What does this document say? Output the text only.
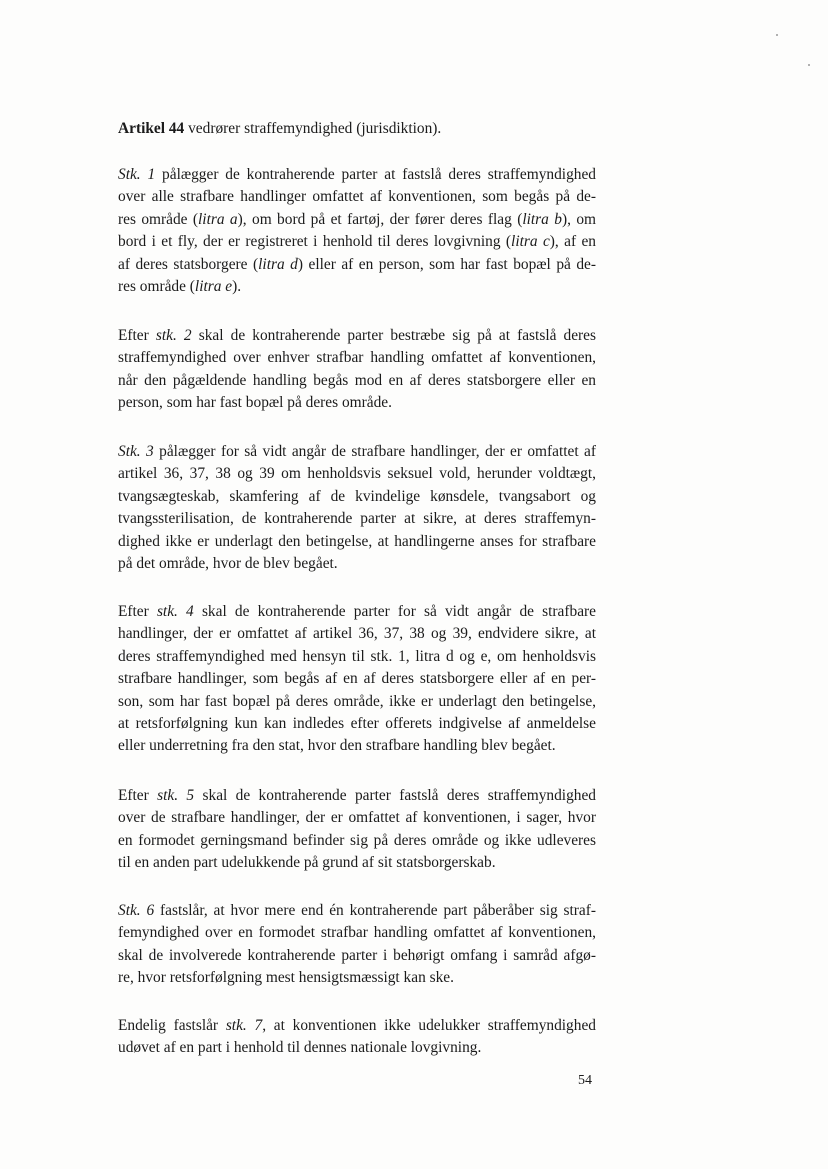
Artikel 44 vedrører straffemyndighed (jurisdiktion).
Stk. 1 pålægger de kontraherende parter at fastslå deres straffemyndighed
over alle strafbare handlinger omfattet af konventionen, som begås på de-
res område (litra a), om bord på et fartøj, der fører deres flag (litra b), om
bord i et fly, der er registreret i henhold til deres lovgivning (litra c), af en
af deres statsborgere (litra d) eller af en person, som har fast bopæl på de-
res område (litra e).
Efter stk. 2 skal de kontraherende parter bestræbe sig på at fastslå deres
straffemyndighed over enhver strafbar handling omfattet af konventionen,
når den pågældende handling begås mod en af deres statsborgere eller en
person, som har fast bopæl på deres område.
Stk. 3 pålægger for så vidt angår de strafbare handlinger, der er omfattet af
artikel 36, 37, 38 og 39 om henholdsvis seksuel vold, herunder voldtægt,
tvangsægteskab, skamfering af de kvindelige kønsdele, tvangsabort og
tvangssterilisation, de kontraherende parter at sikre, at deres straffemyn-
dighed ikke er underlagt den betingelse, at handlingerne anses for strafbare
på det område, hvor de blev begået.
Efter stk. 4 skal de kontraherende parter for så vidt angår de strafbare
handlinger, der er omfattet af artikel 36, 37, 38 og 39, endvidere sikre, at
deres straffemyndighed med hensyn til stk. 1, litra d og e, om henholdsvis
strafbare handlinger, som begås af en af deres statsborgere eller af en per-
son, som har fast bopæl på deres område, ikke er underlagt den betingelse,
at retsforfølgning kun kan indledes efter offerets indgivelse af anmeldelse
eller underretning fra den stat, hvor den strafbare handling blev begået.
Efter stk. 5 skal de kontraherende parter fastslå deres straffemyndighed
over de strafbare handlinger, der er omfattet af konventionen, i sager, hvor
en formodet gerningsmand befinder sig på deres område og ikke udleveres
til en anden part udelukkende på grund af sit statsborgerskab.
Stk. 6 fastslår, at hvor mere end én kontraherende part påberåber sig straf-
femyndighed over en formodet strafbar handling omfattet af konventionen,
skal de involverede kontraherende parter i behørigt omfang i samråd afgø-
re, hvor retsforfølgning mest hensigtsmæssigt kan ske.
Endelig fastslår stk. 7, at konventionen ikke udelukker straffemyndighed
udøvet af en part i henhold til dennes nationale lovgivning.
54
